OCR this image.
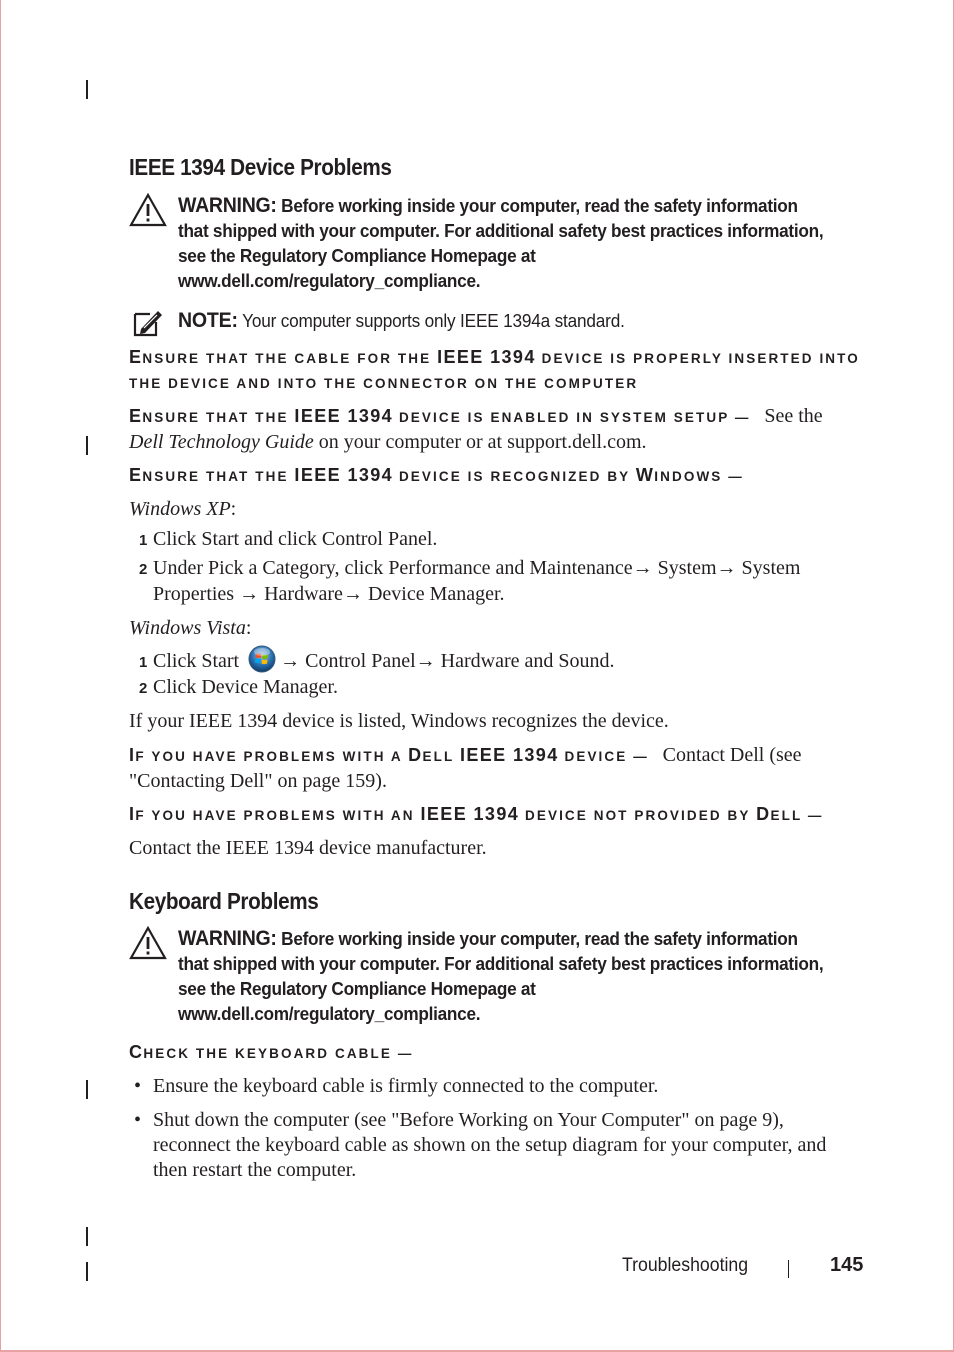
IEEE 1394 Device Problems
WARNING: Before working inside your computer, read the safety information
that shipped with your computer. For additional safety best practices information,
see the Regulatory Compliance Homepage at
www.dell.com/regulatory_compliance.
NOTE: Your computer supports only IEEE 1394a standard.
ENSURE THAT THE CABLE FOR THE IEEE 1394 DEVICE IS PROPERLY INSERTED INTO
THE DEVICE AND INTO THE CONNECTOR ON THE COMPUTER
ENSURE THAT THE IEEE 1394 DEVICE IS ENABLED IN SYSTEM SETUP — See the
Dell Technology Guide on your computer or at support.dell.com.
ENSURE THAT THE IEEE 1394 DEVICE IS RECOGNIZED BY WINDOWS —
Windows XP:
1 Click Start and click Control Panel.
2 Under Pick a Category, click Performance and Maintenance→ System→ System
Properties → Hardware→ Device Manager.
Windows Vista:
1 Click Start → Control Panel→ Hardware and Sound.
2 Click Device Manager.
If your IEEE 1394 device is listed, Windows recognizes the device.
IF YOU HAVE PROBLEMS WITH A DELL IEEE 1394 DEVICE — Contact Dell (see
"Contacting Dell" on page 159).
IF YOU HAVE PROBLEMS WITH AN IEEE 1394 DEVICE NOT PROVIDED BY DELL —
Contact the IEEE 1394 device manufacturer.
Keyboard Problems
WARNING: Before working inside your computer, read the safety information
that shipped with your computer. For additional safety best practices information,
see the Regulatory Compliance Homepage at
www.dell.com/regulatory_compliance.
CHECK THE KEYBOARD CABLE —
• Ensure the keyboard cable is firmly connected to the computer.
• Shut down the computer (see "Before Working on Your Computer" on page 9),
reconnect the keyboard cable as shown on the setup diagram for your computer, and
then restart the computer.
Troubleshooting	145
